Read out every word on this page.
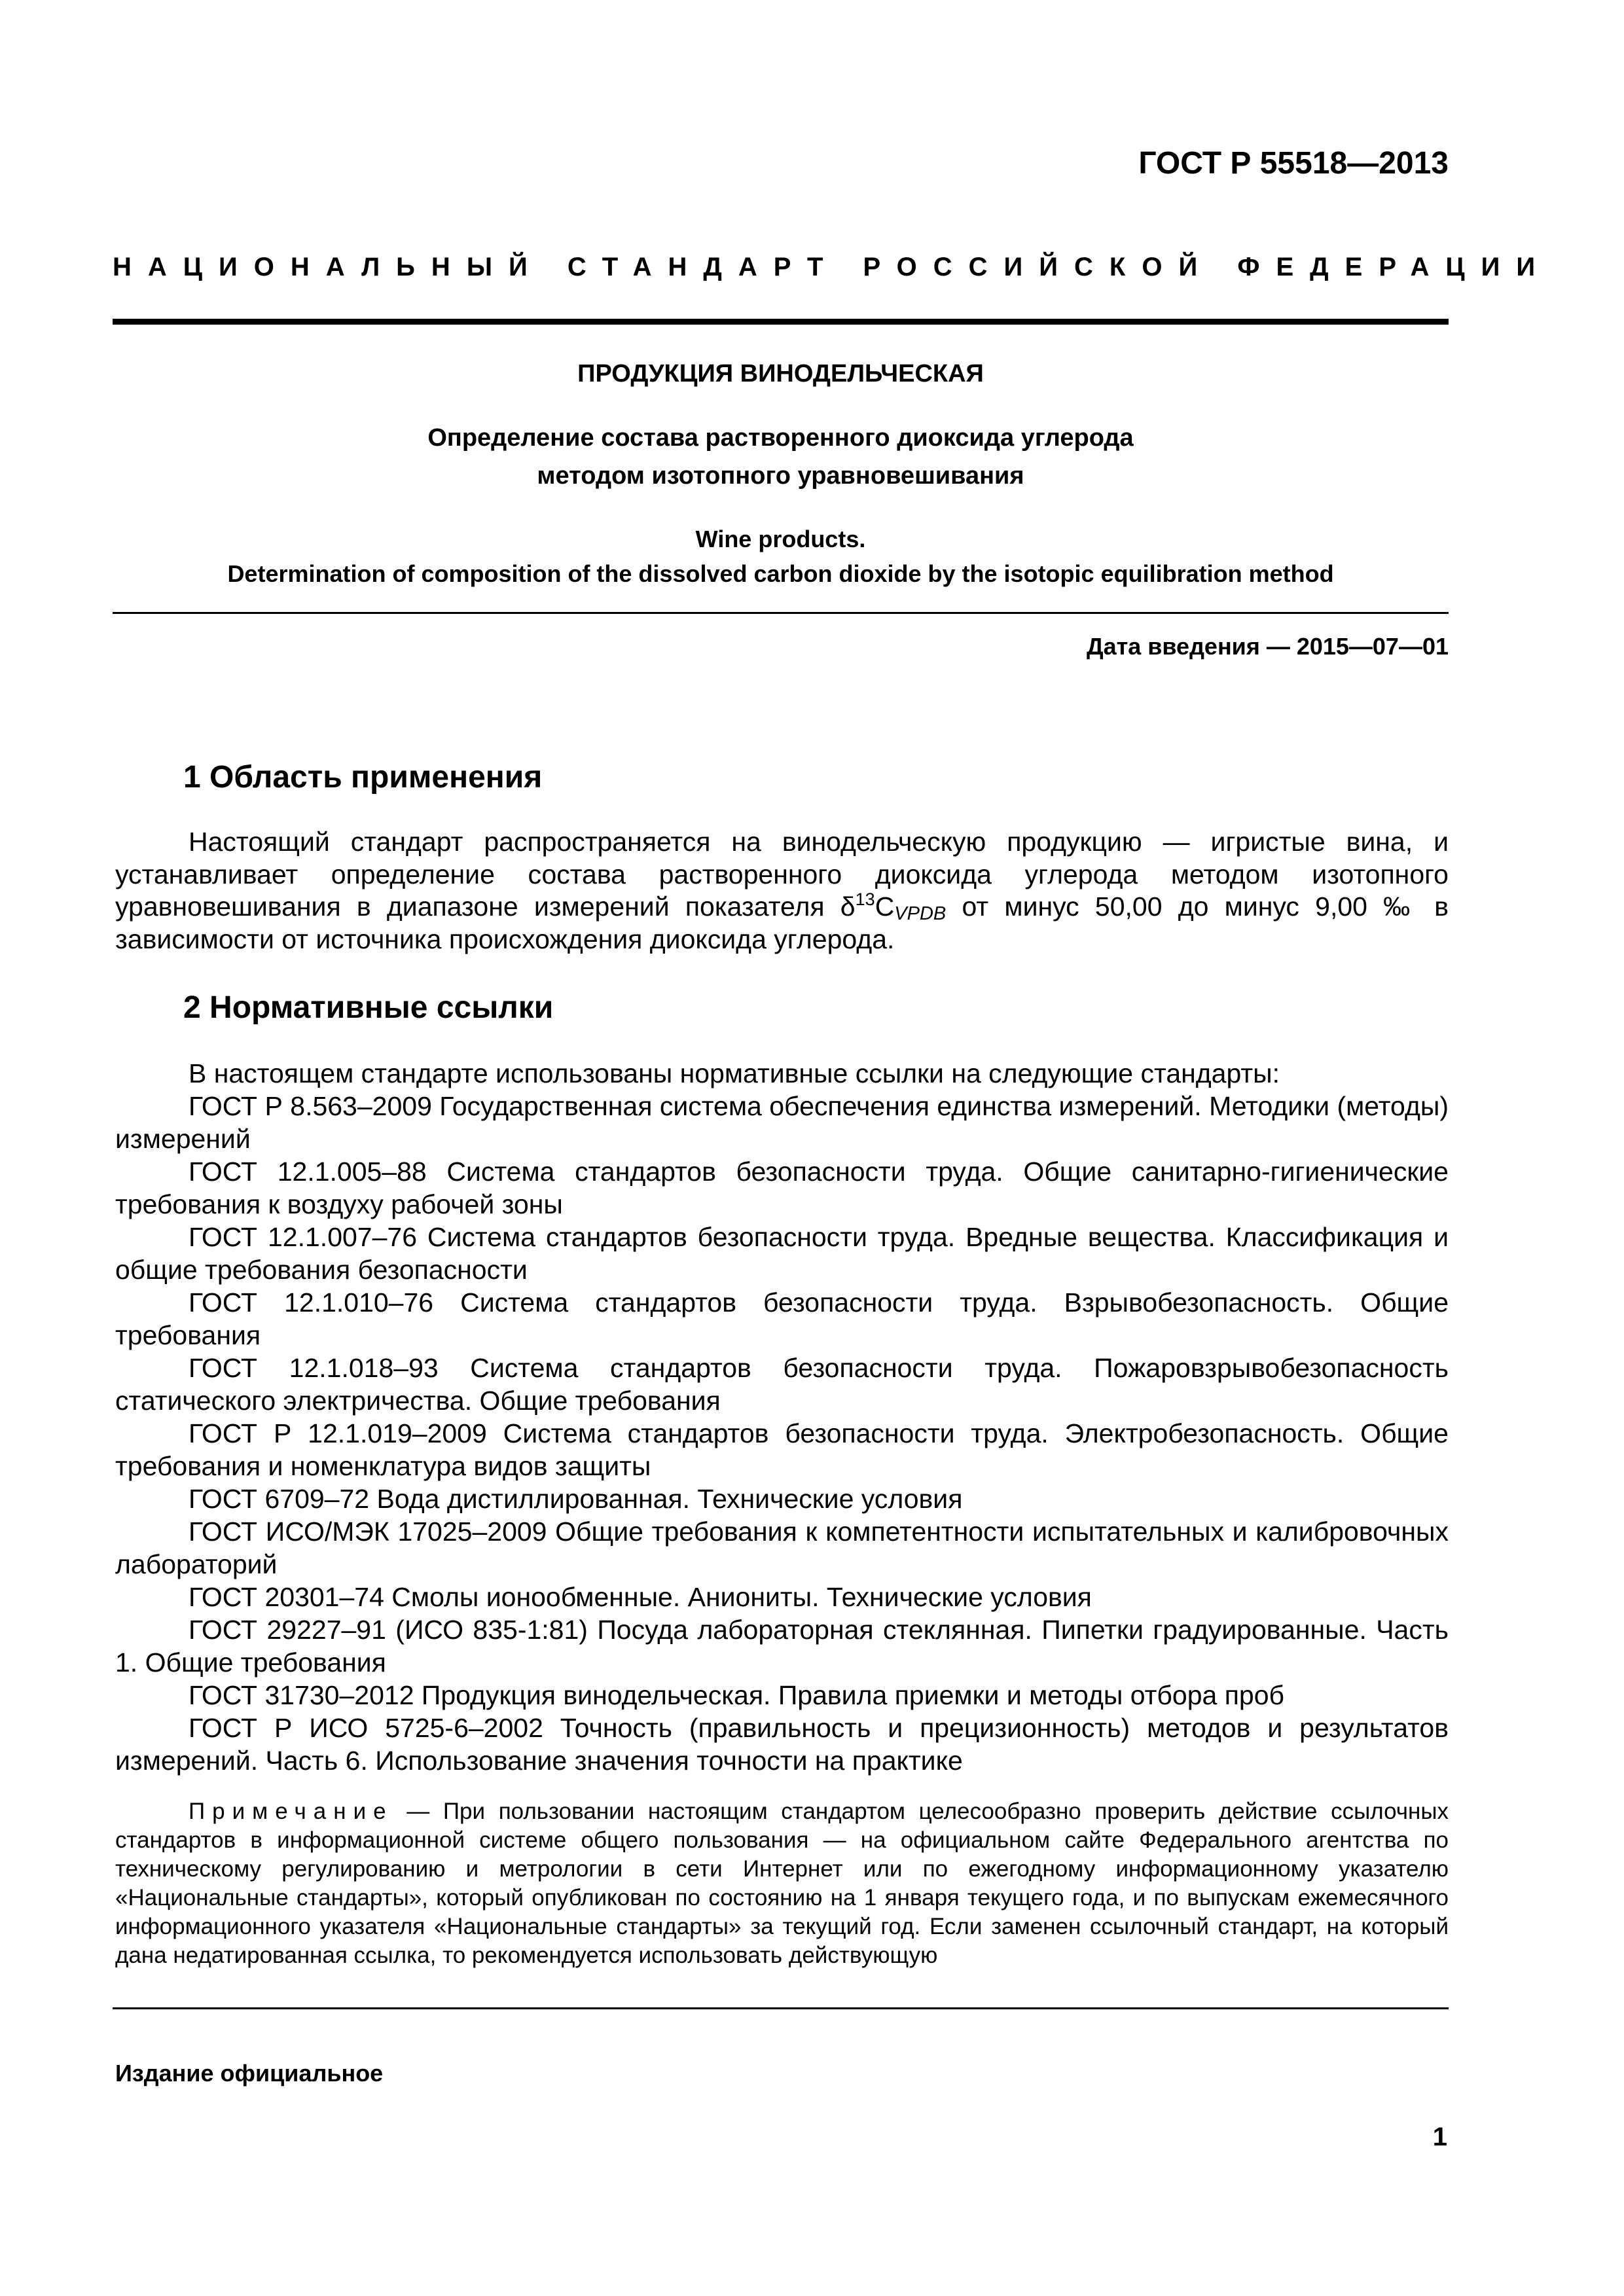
ГОСТ Р 55518—2013
НАЦИОНАЛЬНЫЙ СТАНДАРТ РОССИЙСКОЙ ФЕДЕРАЦИИ
ПРОДУКЦИЯ ВИНОДЕЛЬЧЕСКАЯ
Определение состава растворенного диоксида углерода
методом изотопного уравновешивания
Wine products.
Determination of composition of the dissolved carbon dioxide by the isotopic equilibration method
Дата введения — 2015—07—01
1 Область применения
Настоящий стандарт распространяется на винодельческую продукцию — игристые вина, и устанавливает определение состава растворенного диоксида углерода методом изотопного уравновешивания в диапазоне измерений показателя $\delta^{13}C_{VPDB}$ от минус 50,00 до минус 9,00 ‰ в зависимости от источника происхождения диоксида углерода.
2 Нормативные ссылки
В настоящем стандарте использованы нормативные ссылки на следующие стандарты:
ГОСТ Р 8.563–2009 Государственная система обеспечения единства измерений. Методики (методы) измерений
ГОСТ 12.1.005–88 Система стандартов безопасности труда. Общие санитарно-гигиенические требования к воздуху рабочей зоны
ГОСТ 12.1.007–76 Система стандартов безопасности труда. Вредные вещества. Классификация и общие требования безопасности
ГОСТ 12.1.010–76 Система стандартов безопасности труда. Взрывобезопасность. Общие требования
ГОСТ 12.1.018–93 Система стандартов безопасности труда. Пожаровзрывобезопасность статического электричества. Общие требования
ГОСТ Р 12.1.019–2009 Система стандартов безопасности труда. Электробезопасность. Общие требования и номенклатура видов защиты
ГОСТ 6709–72 Вода дистиллированная. Технические условия
ГОСТ ИСО/МЭК 17025–2009 Общие требования к компетентности испытательных и калибровочных лабораторий
ГОСТ 20301–74 Смолы ионообменные. Аниониты. Технические условия
ГОСТ 29227–91 (ИСО 835-1:81) Посуда лабораторная стеклянная. Пипетки градуированные. Часть 1. Общие требования
ГОСТ 31730–2012 Продукция винодельческая. Правила приемки и методы отбора проб
ГОСТ Р ИСО 5725-6–2002 Точность (правильность и прецизионность) методов и результатов измерений. Часть 6. Использование значения точности на практике
Примечание — При пользовании настоящим стандартом целесообразно проверить действие ссылочных стандартов в информационной системе общего пользования — на официальном сайте Федерального агентства по техническому регулированию и метрологии в сети Интернет или по ежегодному информационному указателю «Национальные стандарты», который опубликован по состоянию на 1 января текущего года, и по выпускам ежемесячного информационного указателя «Национальные стандарты» за текущий год. Если заменен ссылочный стандарт, на который дана недатированная ссылка, то рекомендуется использовать действующую
Издание официальное
1
